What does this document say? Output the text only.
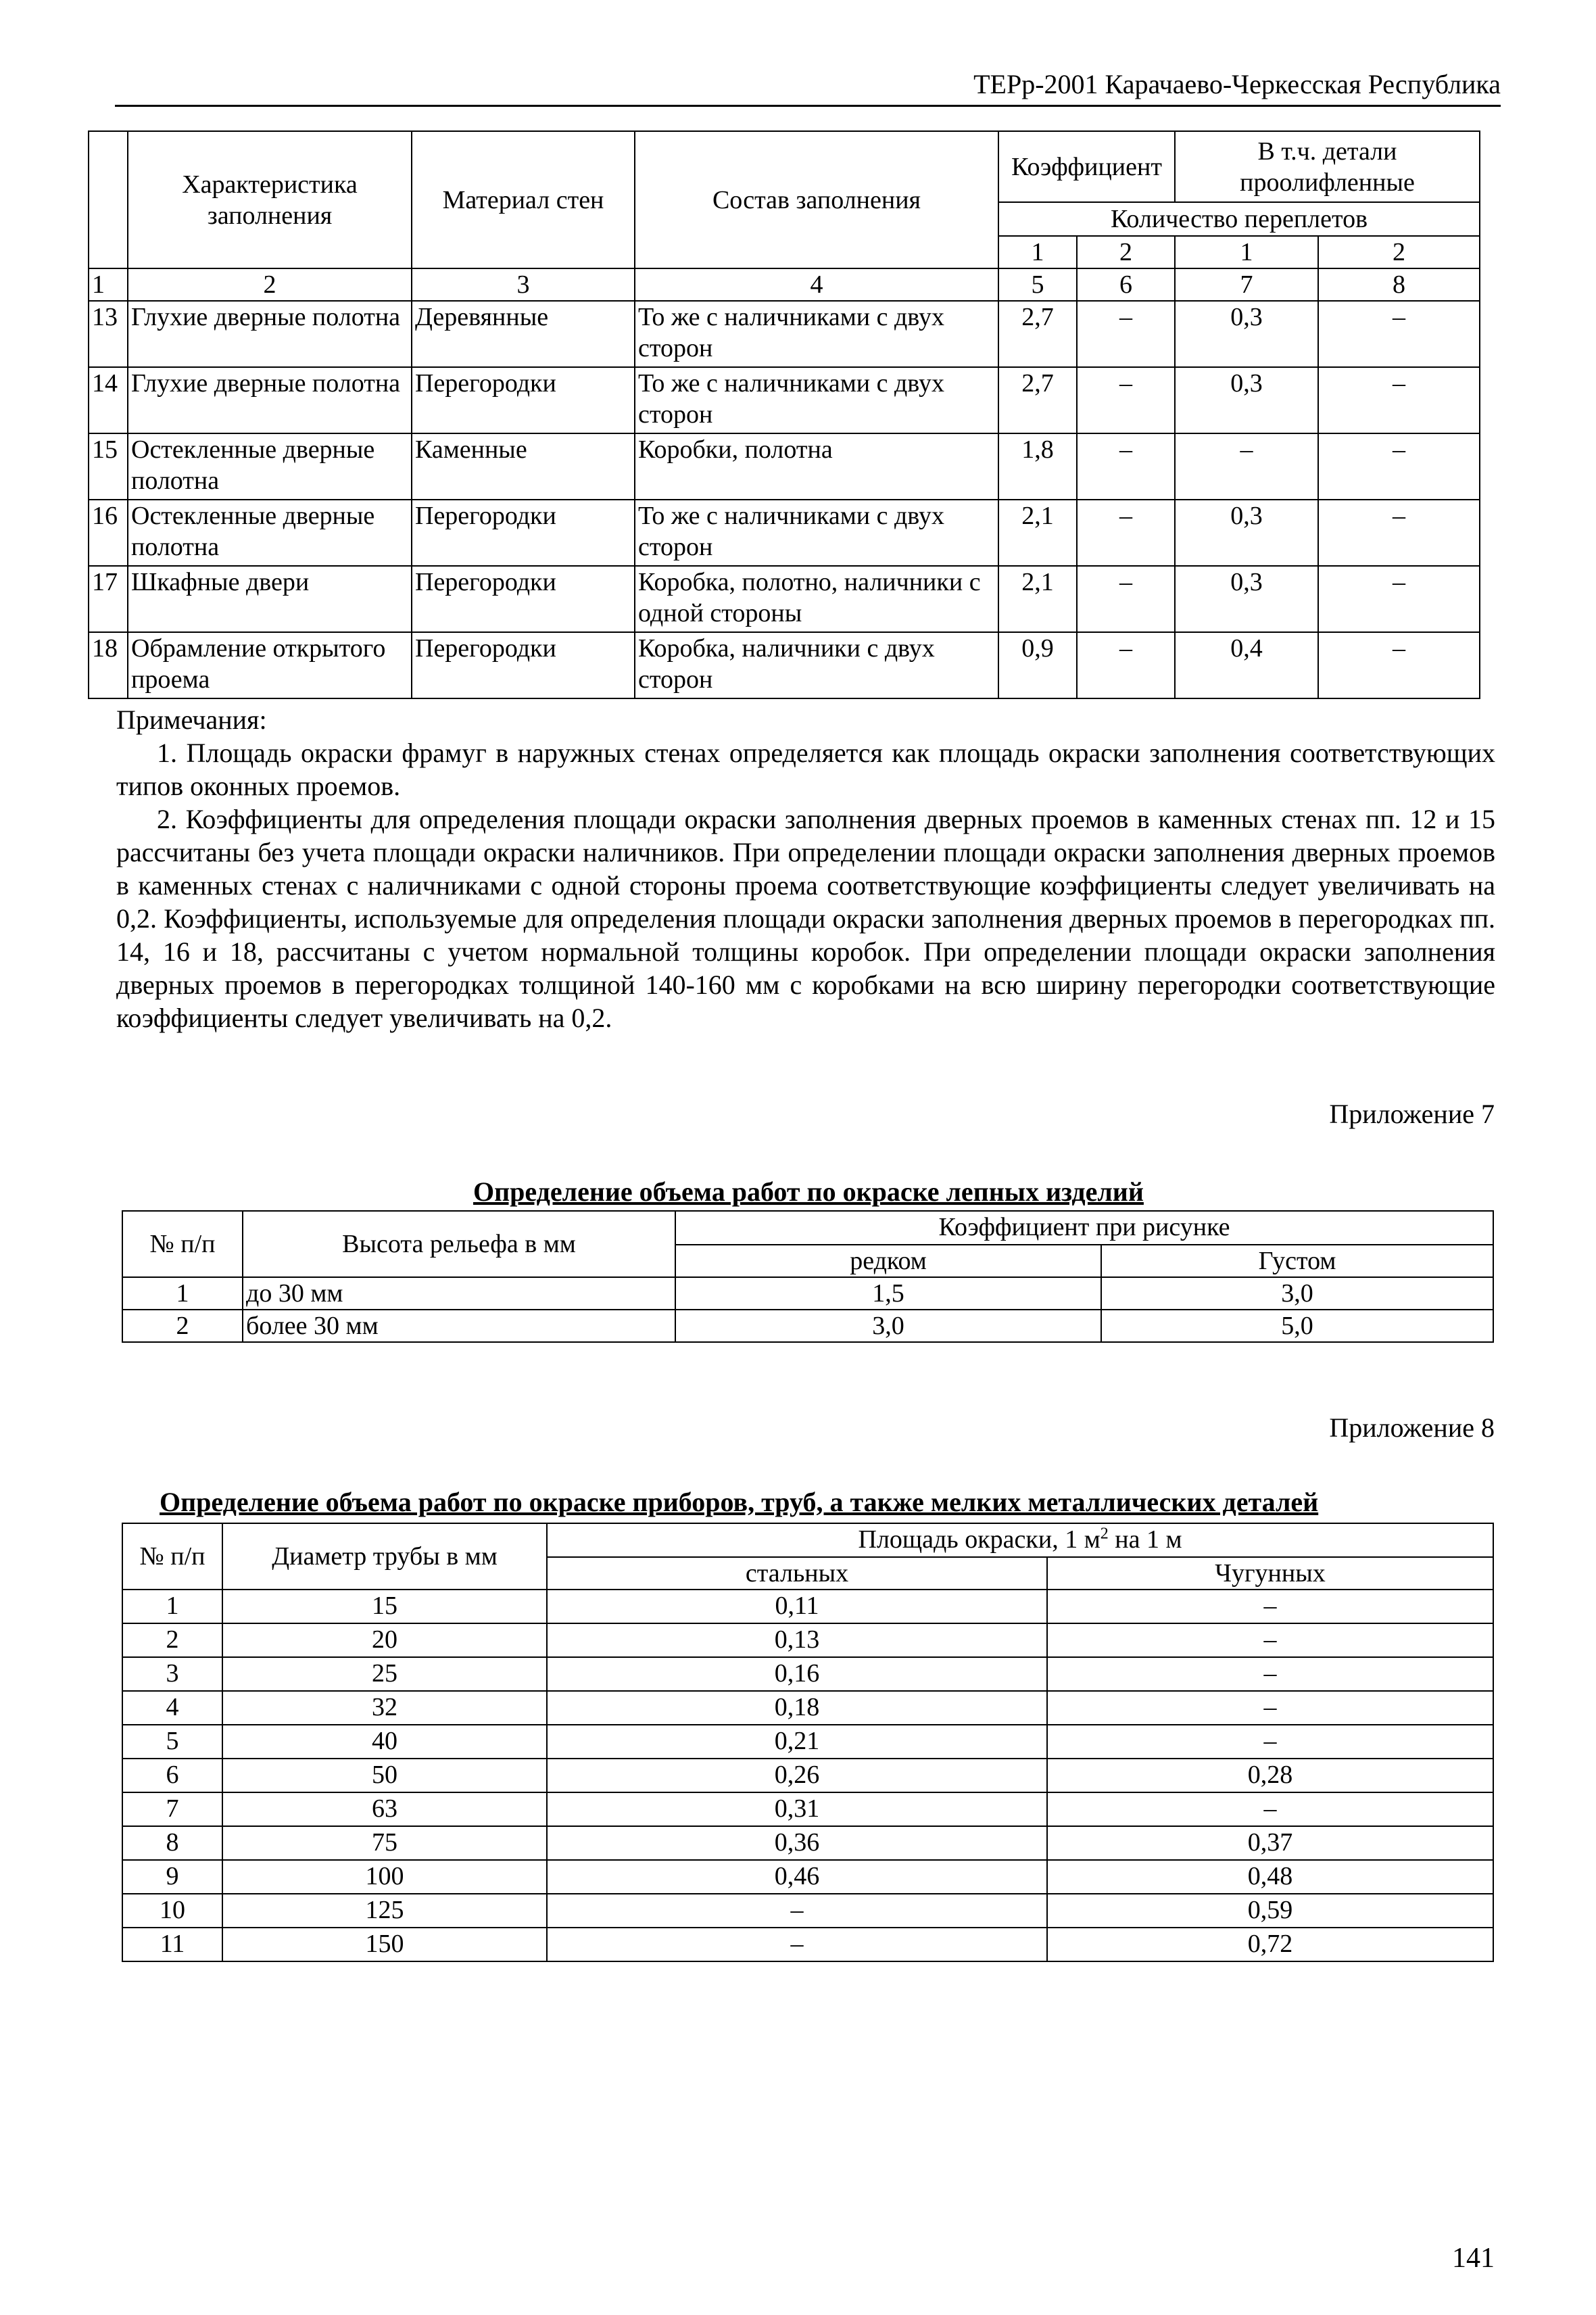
ТЕРр-2001 Карачаево-Черкесская Республика
	Характеристика заполнения	Материал стен	Состав заполнения	Коэффициент		В т.ч. детали проолифленные	
				Количество переплетов			
				1	2	1	2
1	2	3	4	5	6	7	8
13	Глухие дверные полотна	Деревянные	То же с наличниками с двух сторон	2,7	–	0,3	–
14	Глухие дверные полотна	Перегородки	То же с наличниками с двух сторон	2,7	–	0,3	–
15	Остекленные дверные полотна	Каменные	Коробки, полотна	1,8	–	–	–
16	Остекленные дверные полотна	Перегородки	То же с наличниками с двух сторон	2,1	–	0,3	–
17	Шкафные двери	Перегородки	Коробка, полотно, наличники с одной стороны	2,1	–	0,3	–
18	Обрамление открытого проема	Перегородки	Коробка, наличники с двух сторон	0,9	–	0,4	–

Примечания:

1. Площадь окраски фрамуг в наружных стенах определяется как площадь окраски заполнения соответствующих типов оконных проемов.

2. Коэффициенты для определения площади окраски заполнения дверных проемов в каменных стенах пп. 12 и 15 рассчитаны без учета площади окраски наличников. При определении площади окраски заполнения дверных проемов в каменных стенах с наличниками с одной стороны проема соответствующие коэффициенты следует увеличивать на 0,2. Коэффициенты, используемые для определения площади окраски заполнения дверных проемов в перегородках пп. 14, 16 и 18, рассчитаны с учетом нормальной толщины коробок. При определении площади окраски заполнения дверных проемов в перегородках толщиной 140-160 мм с коробками на всю ширину перегородки соответствующие коэффициенты следует увеличивать на 0,2.

Приложение 7
Определение объема работ по окраске лепных изделий
№ п/п	Высота рельефа в мм	Коэффициент при рисунке	
		редком	Густом
1	до 30 мм	1,5	3,0
2	более 30 мм	3,0	5,0
Приложение 8
Определение объема работ по окраске приборов, труб, а также мелких металлических деталей
№ п/п	Диаметр трубы в мм	Площадь окраски, 1 $м^2$ на 1 м	
		стальных	Чугунных
1	15	0,11	–
2	20	0,13	–
3	25	0,16	–
4	32	0,18	–
5	40	0,21	–
6	50	0,26	0,28
7	63	0,31	–
8	75	0,36	0,37
9	100	0,46	0,48
10	125	–	0,59
11	150	–	0,72
141
